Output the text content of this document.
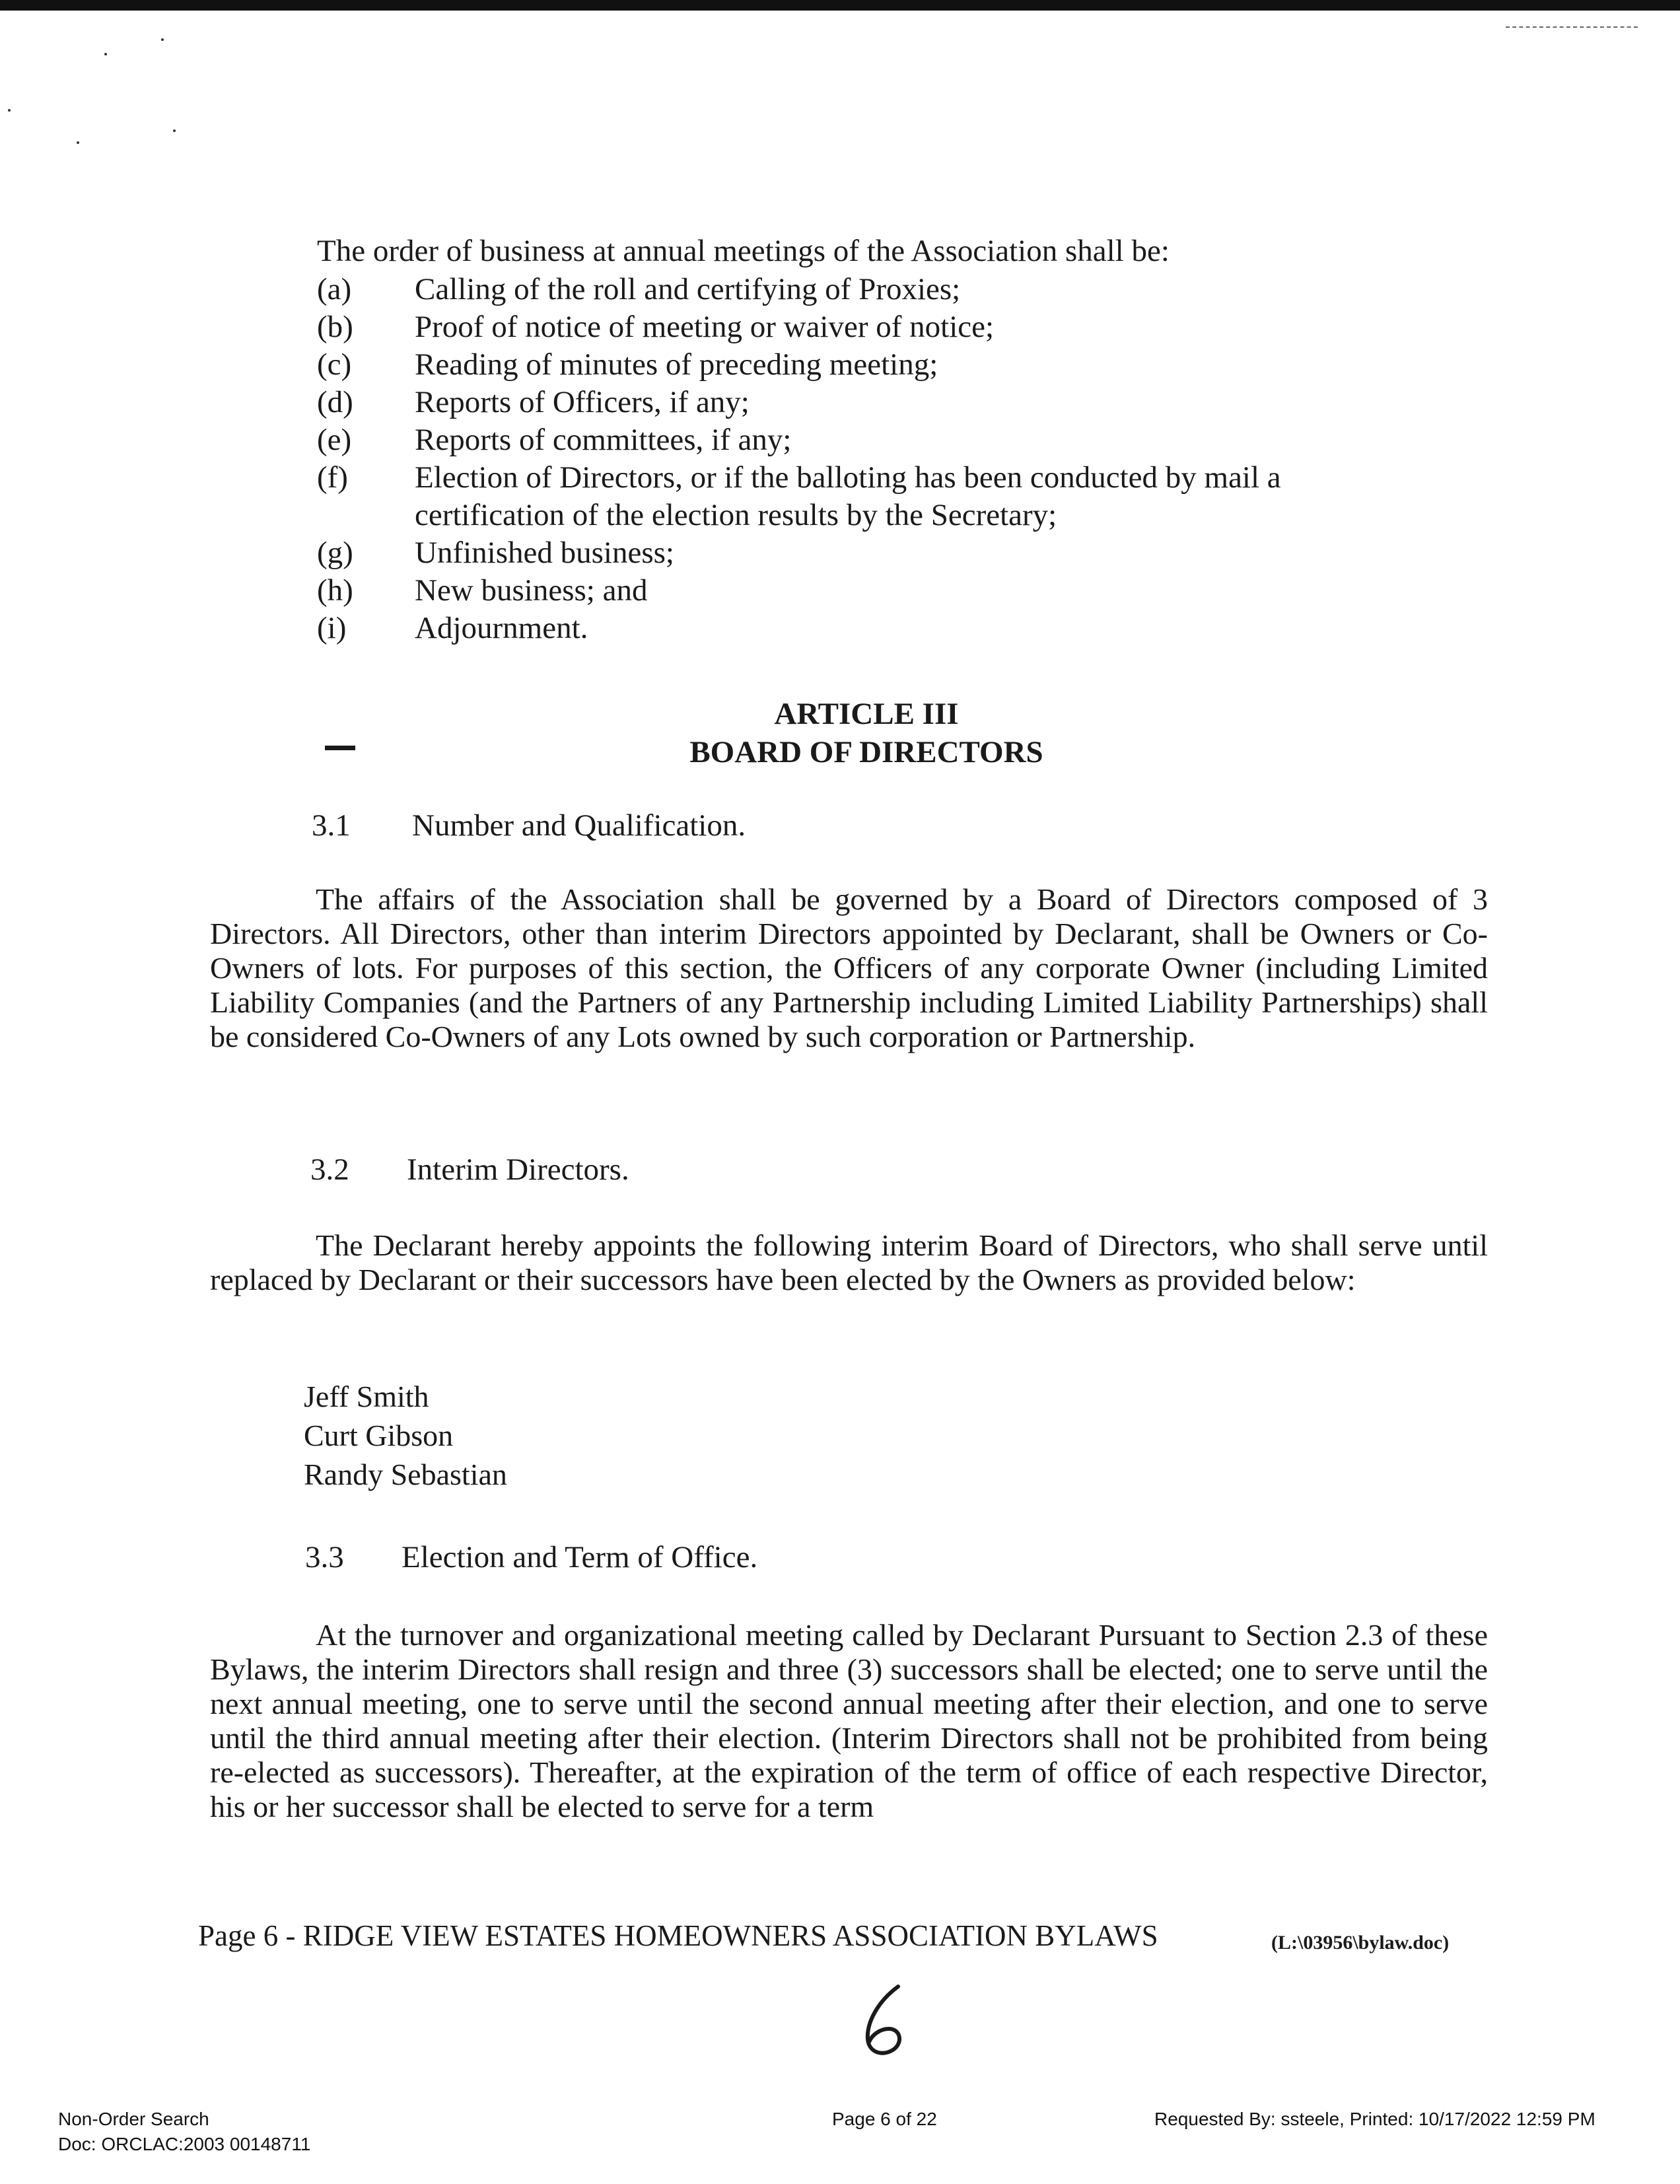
The order of business at annual meetings of the Association shall be:
(a)	Calling of the roll and certifying of Proxies;
(b)	Proof of notice of meeting or waiver of notice;
(c)	Reading of minutes of preceding meeting;
(d)	Reports of Officers, if any;
(e)	Reports of committees, if any;
(f)	Election of Directors, or if the balloting has been conducted by mail a certification of the election results by the Secretary;
(g)	Unfinished business;
(h)	New business; and
(i)	Adjournment.
ARTICLE III
BOARD OF DIRECTORS
3.1 Number and Qualification.
The affairs of the Association shall be governed by a Board of Directors composed of 3 Directors. All Directors, other than interim Directors appointed by Declarant, shall be Owners or Co-Owners of lots. For purposes of this section, the Officers of any corporate Owner (including Limited Liability Companies (and the Partners of any Partnership including Limited Liability Partnerships) shall be considered Co-Owners of any Lots owned by such corporation or Partnership.
3.2 Interim Directors.
The Declarant hereby appoints the following interim Board of Directors, who shall serve until replaced by Declarant or their successors have been elected by the Owners as provided below:
Jeff Smith
Curt Gibson
Randy Sebastian
3.3 Election and Term of Office.
At the turnover and organizational meeting called by Declarant Pursuant to Section 2.3 of these Bylaws, the interim Directors shall resign and three (3) successors shall be elected; one to serve until the next annual meeting, one to serve until the second annual meeting after their election, and one to serve until the third annual meeting after their election. (Interim Directors shall not be prohibited from being re-elected as successors). Thereafter, at the expiration of the term of office of each respective Director, his or her successor shall be elected to serve for a term
Page 6 - RIDGE VIEW ESTATES HOMEOWNERS ASSOCIATION BYLAWS	(L:\03956\bylaw.doc)
Non-Order Search
Doc: ORCLAC:2003 00148711
Page 6 of 22	Requested By: ssteele, Printed: 10/17/2022 12:59 PM
